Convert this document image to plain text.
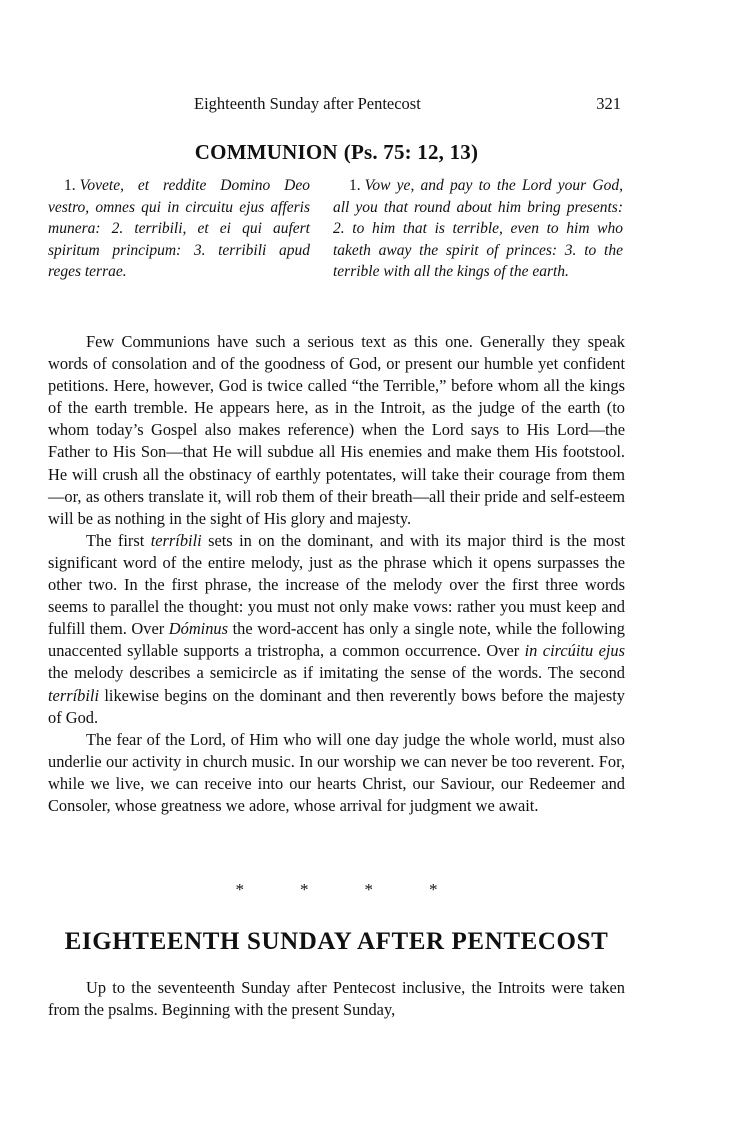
Eighteenth Sunday after Pentecost	321
COMMUNION (Ps. 75: 12, 13)
1. Vovete, et reddite Domino Deo vestro, omnes qui in circuitu ejus afferis munera: 2. terribili, et ei qui aufert spiritum principum: 3. terribili apud reges terrae.
1. Vow ye, and pay to the Lord your God, all you that round about him bring presents: 2. to him that is terrible, even to him who taketh away the spirit of princes: 3. to the terrible with all the kings of the earth.

Few Communions have such a serious text as this one. Generally they speak words of consolation and of the goodness of God, or present our humble yet confident petitions. Here, however, God is twice called “the Terrible,” before whom all the kings of the earth tremble. He appears here, as in the Introit, as the judge of the earth (to whom today’s Gospel also makes reference) when the Lord says to His Lord—the Father to His Son—that He will subdue all His enemies and make them His footstool. He will crush all the obstinacy of earthly potentates, will take their courage from them—or, as others translate it, will rob them of their breath—all their pride and self-esteem will be as nothing in the sight of His glory and majesty.

The first terríbili sets in on the dominant, and with its major third is the most significant word of the entire melody, just as the phrase which it opens surpasses the other two. In the first phrase, the increase of the melody over the first three words seems to parallel the thought: you must not only make vows: rather you must keep and fulfill them. Over Dóminus the word-accent has only a single note, while the following unaccented syllable supports a tristropha, a common occurrence. Over in circúitu ejus the melody describes a semicircle as if imitating the sense of the words. The second terríbili likewise begins on the dominant and then reverently bows before the majesty of God.

The fear of the Lord, of Him who will one day judge the whole world, must also underlie our activity in church music. In our worship we can never be too reverent. For, while we live, we can receive into our hearts Christ, our Saviour, our Redeemer and Consoler, whose greatness we adore, whose arrival for judgment we await.

*	*	*	*
EIGHTEENTH SUNDAY AFTER PENTECOST

Up to the seventeenth Sunday after Pentecost inclusive, the Introits were taken from the psalms. Beginning with the present Sunday,
